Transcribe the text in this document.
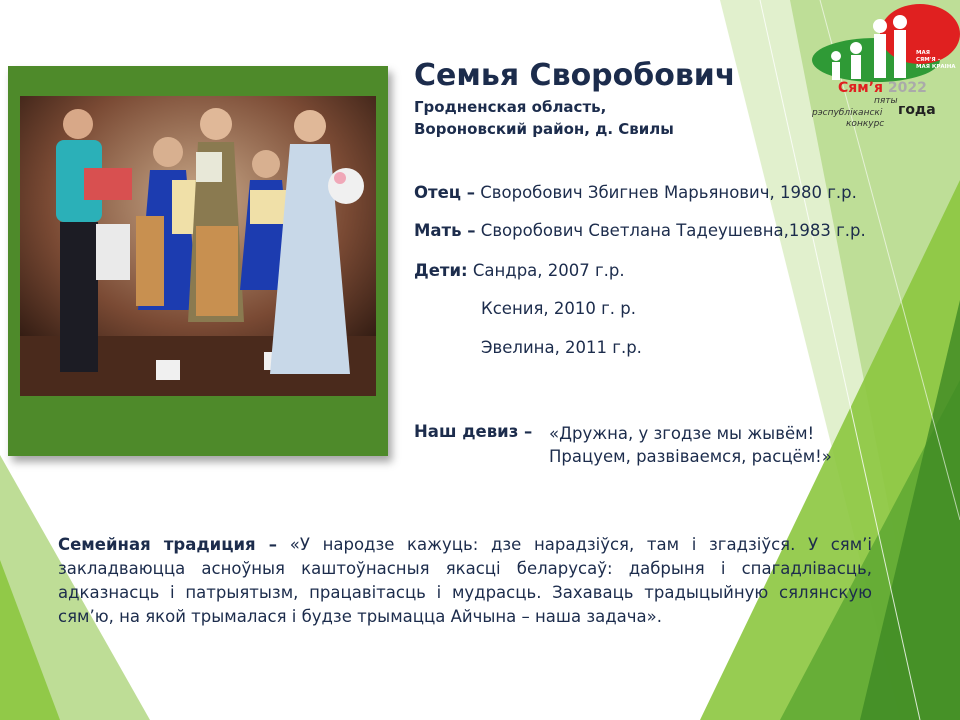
Семья Своробович
Гродненская область,
Вороновский район, д. Свилы
Отец – Своробович Збигнев Марьянович, 1980 г.р.
Мать – Своробович Светлана Тадеушевна,1983 г.р.
Дети: Сандра, 2007 г.р.
Ксения, 2010 г. р.
Эвелина, 2011 г.р.
Наш девиз – «Дружна, у згодзе мы жывём!
Працуем, развіваемся, расцём!»
Семейная традиция – «У народзе кажуць: дзе нарадзіўся, там і згадзіўся. У сям’і закладваюцца асноўныя каштоўнасныя якасці беларусаў: дабрыня і спагадлівасць, адказнасць і патрыятызм, працавітасць і мудрасць. Захаваць традыцыйную сялянскую сям’ю, на якой трымалася і будзе трымацца Айчына – наша задача».
МАЯ
СЯМ'Я –
МАЯ КРАІНА
Сям’я 2022
пяты
года
рэспубліканскі
конкурс
